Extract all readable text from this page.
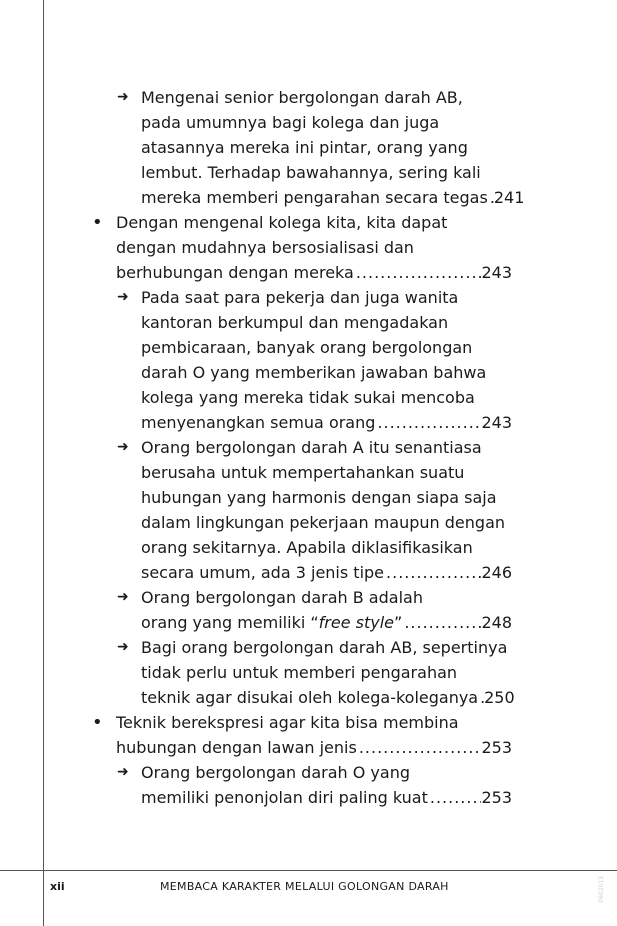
➜ Mengenai senior bergolongan darah AB,
pada umumnya bagi kolega dan juga
atasannya mereka ini pintar, orang yang
lembut. Terhadap bawahannya, sering kali
mereka memberi pengarahan secara tegas ..... 241
• Dengan mengenal kolega kita, kita dapat
dengan mudahnya bersosialisasi dan
berhubungan dengan mereka .....	243
➜ Pada saat para pekerja dan juga wanita
kantoran berkumpul dan mengadakan
pembicaraan, banyak orang bergolongan
darah O yang memberikan jawaban bahwa
kolega yang mereka tidak sukai mencoba
menyenangkan semua orang .....	243
➜ Orang bergolongan darah A itu senantiasa
berusaha untuk mempertahankan suatu
hubungan yang harmonis dengan siapa saja
dalam lingkungan pekerjaan maupun dengan
orang sekitarnya. Apabila diklasifikasikan
secara umum, ada 3 jenis tipe .....	246
➜ Orang bergolongan darah B adalah
orang yang memiliki “free style” .....	248
➜ Bagi orang bergolongan darah AB, sepertinya
tidak perlu untuk memberi pengarahan
teknik agar disukai oleh kolega-koleganya ..... 250
• Teknik berekspresi agar kita bisa membina
hubungan dengan lawan jenis .....	253
➜ Orang bergolongan darah O yang
memiliki penonjolan diri paling kuat .....	253
xii	MEMBACA KARAKTER MELALUI GOLONGAN DARAH	0602013
